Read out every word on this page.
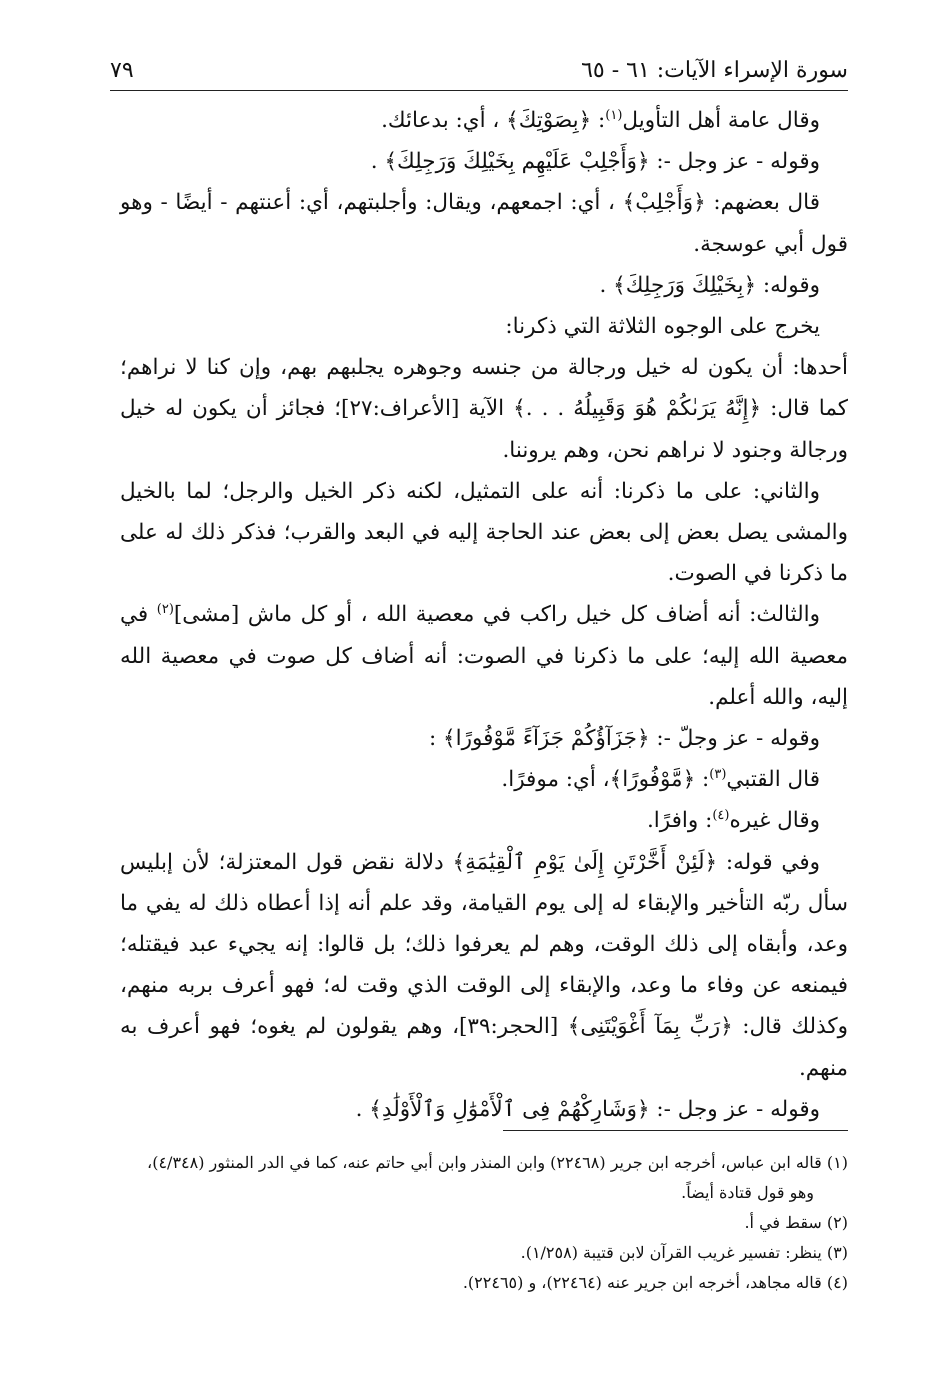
سورة الإسراء الآيات: ٦١ - ٦٥
٧٩

وقال عامة أهل التأويل$^{(١)}$: ﴿بِصَوْتِكَ﴾ ، أي: بدعائك.

وقوله - عز وجل -: ﴿وَأَجْلِبْ عَلَيْهِم بِخَيْلِكَ وَرَجِلِكَ﴾ .

قال بعضهم: ﴿وَأَجْلِبْ﴾ ، أي: اجمعهم، ويقال: وأجلبتهم، أي: أعنتهم - أيضًا - وهو قول أبي عوسجة.

وقوله: ﴿بِخَيْلِكَ وَرَجِلِكَ﴾ .

يخرج على الوجوه الثلاثة التي ذكرنا:

أحدها: أن يكون له خيل ورجالة من جنسه وجوهره يجلبهم بهم، وإن كنا لا نراهم؛ كما قال: ﴿إِنَّهُ يَرَىٰكُمْ هُوَ وَقَبِيلُهُ . . .﴾ الآية [الأعراف:٢٧]؛ فجائز أن يكون له خيل ورجالة وجنود لا نراهم نحن، وهم يروننا.

والثاني: على ما ذكرنا: أنه على التمثيل، لكنه ذكر الخيل والرجل؛ لما بالخيل والمشى يصل بعض إلى بعض عند الحاجة إليه في البعد والقرب؛ فذكر ذلك له على ما ذكرنا في الصوت.

والثالث: أنه أضاف كل خيل راكب في معصية الله ، أو كل ماش [مشى]$^{(٢)}$ في معصية الله إليه؛ على ما ذكرنا في الصوت: أنه أضاف كل صوت في معصية الله إليه، والله أعلم.

وقوله - عز وجلّ -: ﴿جَزَآؤُكُمْ جَزَآءً مَّوْفُورًا﴾ :

قال القتبي$^{(٣)}$: ﴿مَّوْفُورًا﴾، أي: موفرًا.

وقال غيره$^{(٤)}$: وافرًا.

وفي قوله: ﴿لَئِنْ أَخَّرْتَنِ إِلَىٰ يَوْمِ ٱلْقِيَٰمَةِ﴾ دلالة نقض قول المعتزلة؛ لأن إبليس سأل ربّه التأخير والإبقاء له إلى يوم القيامة، وقد علم أنه إذا أعطاه ذلك له يفي ما وعد، وأبقاه إلى ذلك الوقت، وهم لم يعرفوا ذلك؛ بل قالوا: إنه يجيء عبد فيقتله؛ فيمنعه عن وفاء ما وعد، والإبقاء إلى الوقت الذي وقت له؛ فهو أعرف بربه منهم، وكذلك قال: ﴿رَبِّ بِمَآ أَغْوَيْتَنِى﴾ [الحجر:٣٩]، وهم يقولون لم يغوه؛ فهو أعرف به منهم.

وقوله - عز وجل -: ﴿وَشَارِكْهُمْ فِى ٱلْأَمْوَٰلِ وَٱلْأَوْلَٰدِ﴾ .

(١) قاله ابن عباس، أخرجه ابن جرير (٢٢٤٦٨) وابن المنذر وابن أبي حاتم عنه، كما في الدر المنثور (٤/٣٤٨)، وهو قول قتادة أيضاً.
(٢) سقط في أ.
(٣) ينظر: تفسير غريب القرآن لابن قتيبة (١/٢٥٨).
(٤) قاله مجاهد، أخرجه ابن جرير عنه (٢٢٤٦٤)، و (٢٢٤٦٥).
